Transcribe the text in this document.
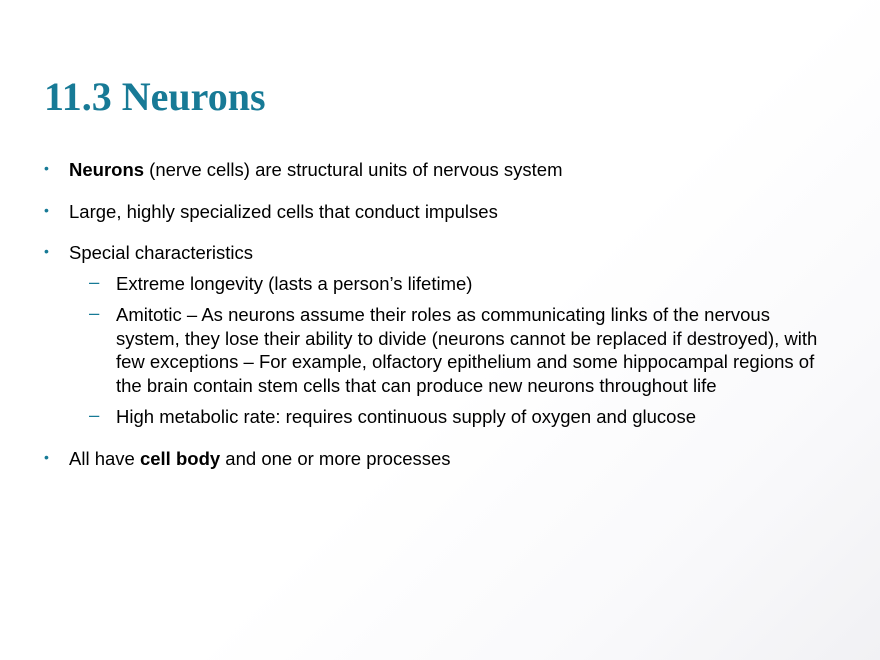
11.3 Neurons
• Neurons (nerve cells) are structural units of nervous system
• Large, highly specialized cells that conduct impulses
• Special characteristics
– Extreme longevity (lasts a person’s lifetime)
– Amitotic – As neurons assume their roles as communicating links of the nervous system, they lose their ability to divide (neurons cannot be replaced if destroyed), with few exceptions – For example, olfactory epithelium and some hippocampal regions of the brain contain stem cells that can produce new neurons throughout life
– High metabolic rate: requires continuous supply of oxygen and glucose
• All have cell body and one or more processes
